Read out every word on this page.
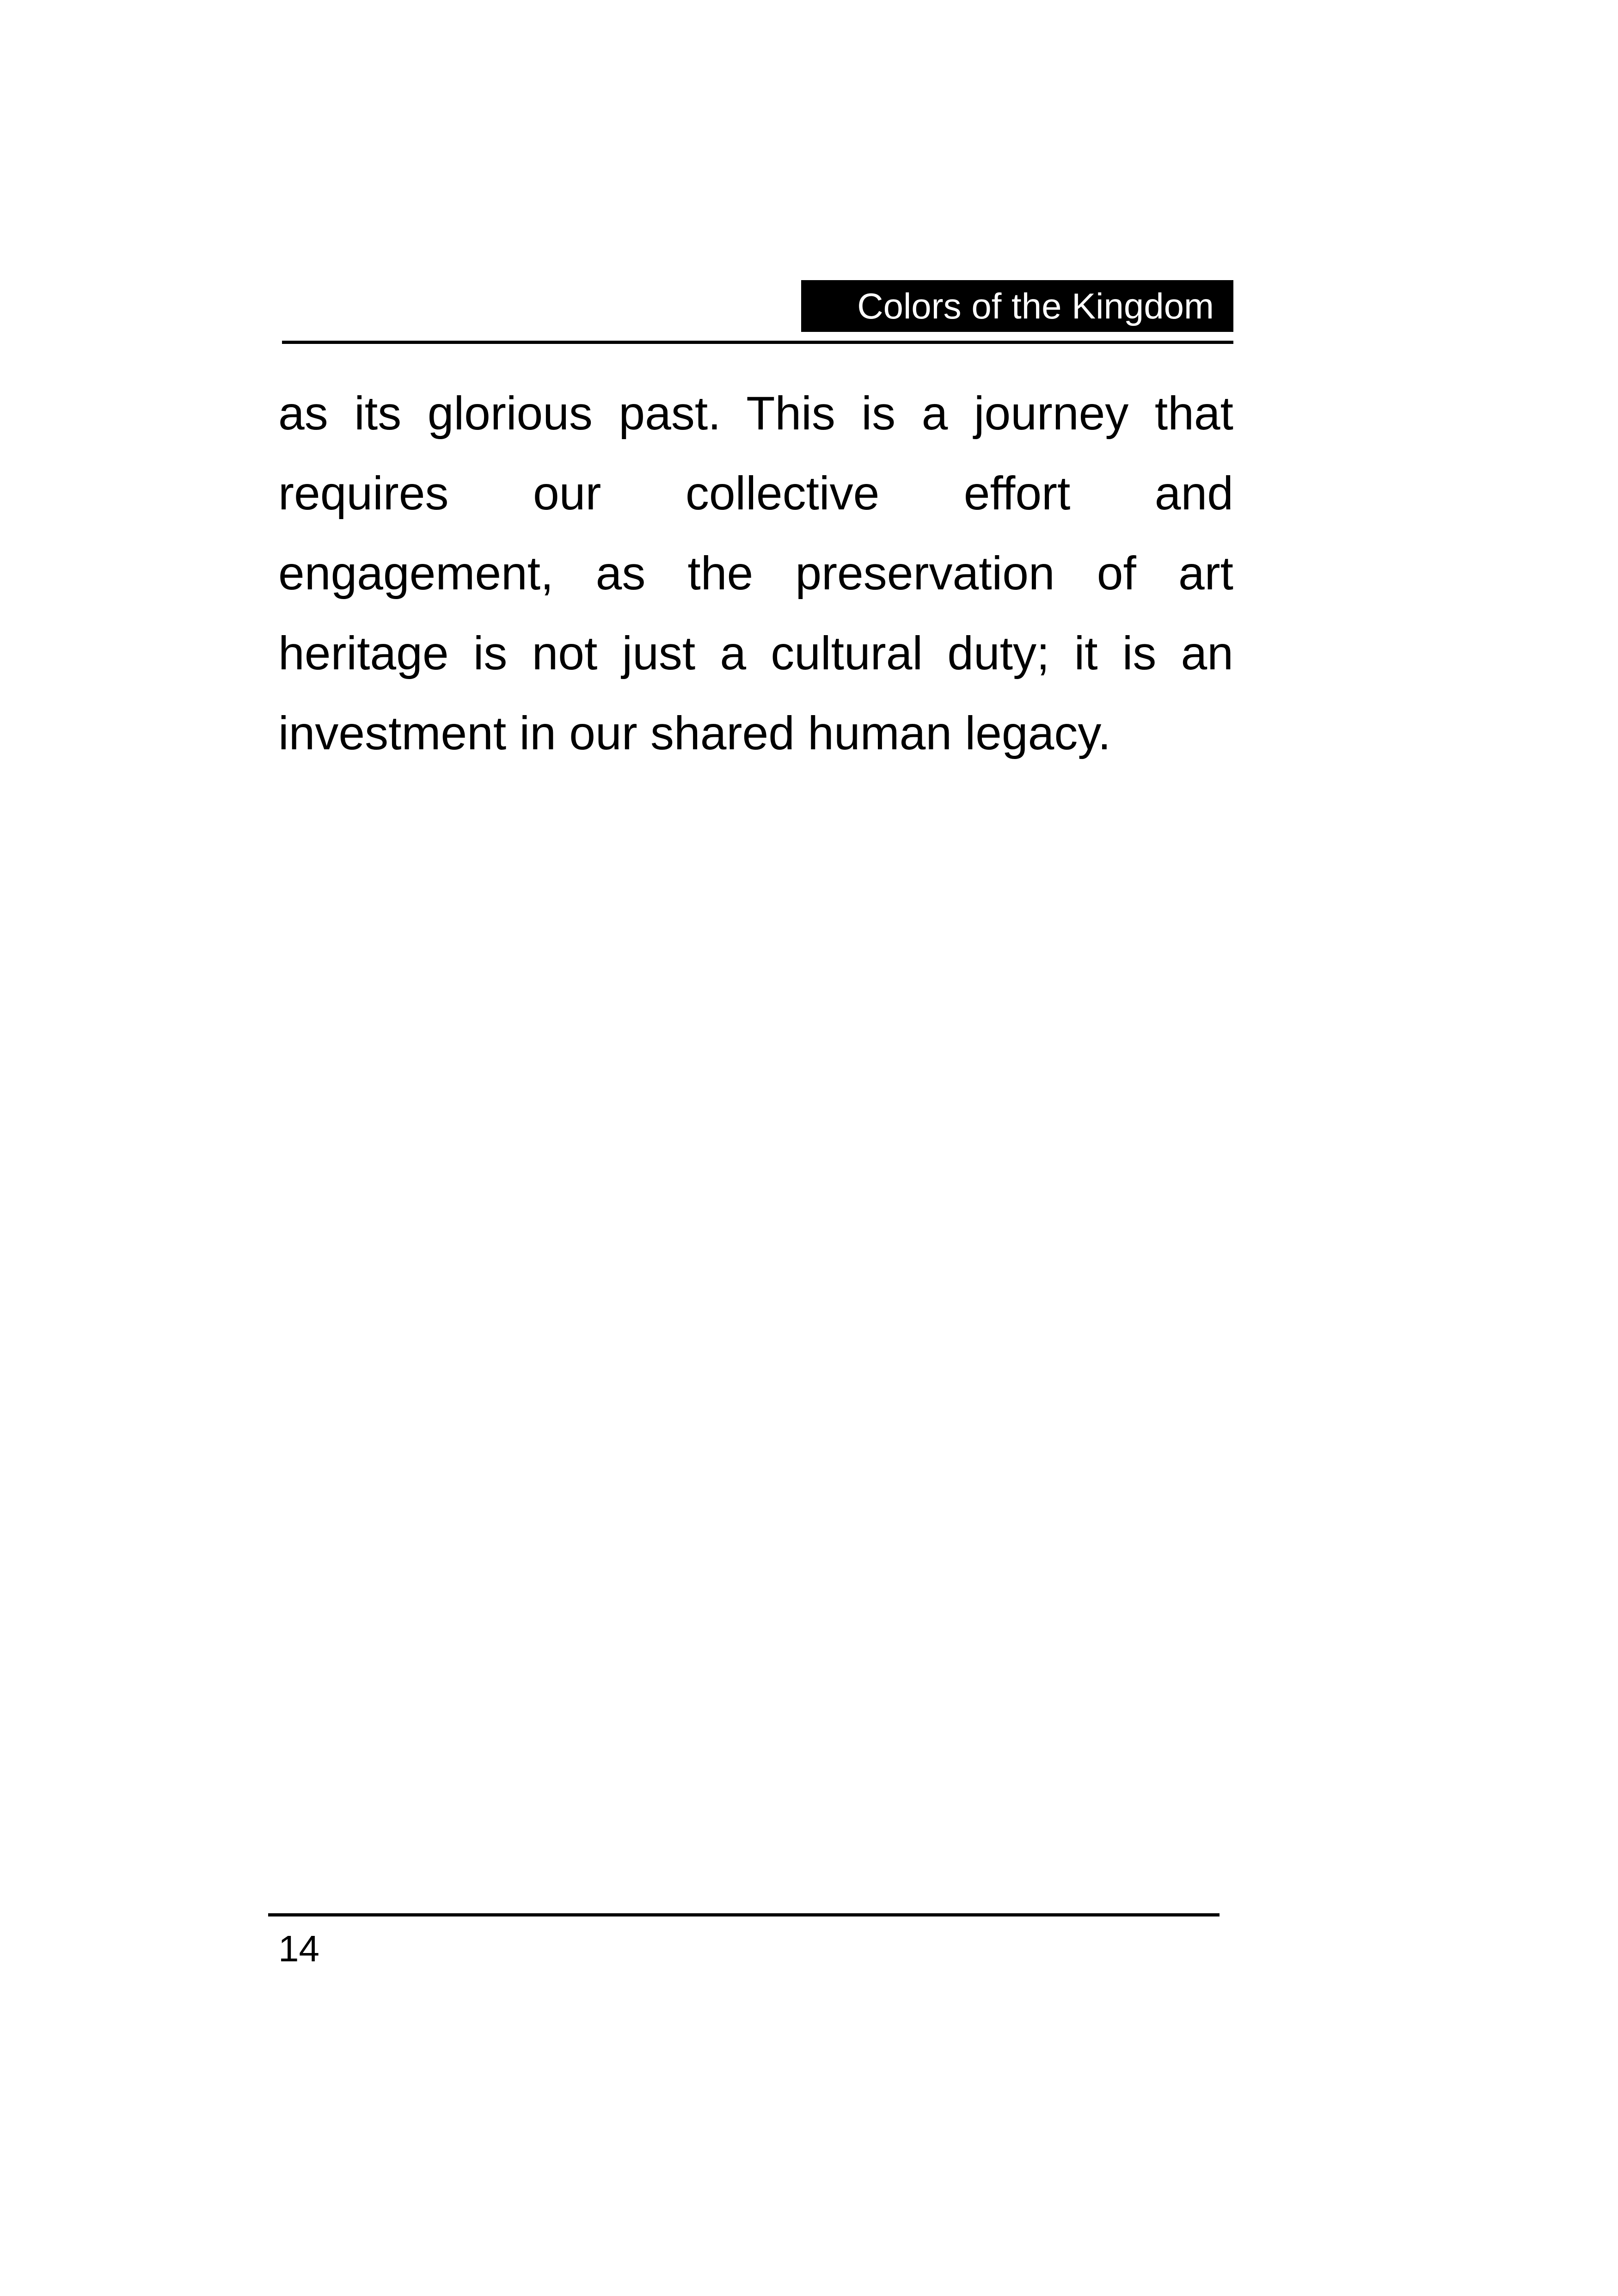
Colors of the Kingdom

as its glorious past. This is a journey that requires our collective effort and engagement, as the preservation of art heritage is not just a cultural duty; it is an investment in our shared human legacy.

14
